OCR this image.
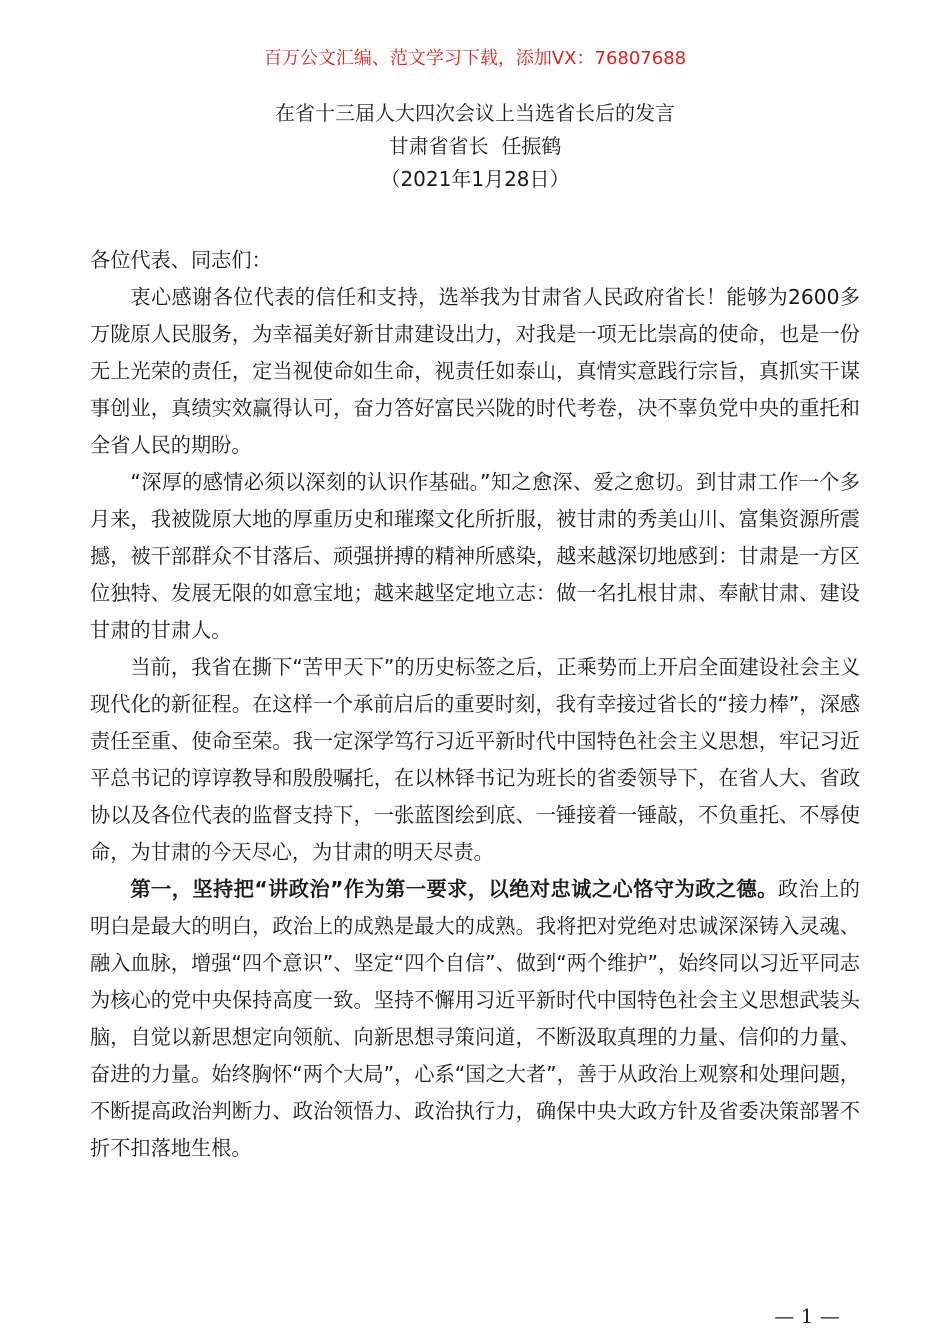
百万公文汇编、范文学习下载，添加VX：76807688
在省十三届人大四次会议上当选省长后的发言
甘肃省省长  任振鹤
（2021年1月28日）

各位代表、同志们：

衷心感谢各位代表的信任和支持，选举我为甘肃省人民政府省长！能够为2600多万陇原人民服务，为幸福美好新甘肃建设出力，对我是一项无比崇高的使命，也是一份无上光荣的责任，定当视使命如生命，视责任如泰山，真情实意践行宗旨，真抓实干谋事创业，真绩实效赢得认可，奋力答好富民兴陇的时代考卷，决不辜负党中央的重托和全省人民的期盼。

“深厚的感情必须以深刻的认识作基础。”知之愈深、爱之愈切。到甘肃工作一个多月来，我被陇原大地的厚重历史和璀璨文化所折服，被甘肃的秀美山川、富集资源所震撼，被干部群众不甘落后、顽强拼搏的精神所感染，越来越深切地感到：甘肃是一方区位独特、发展无限的如意宝地；越来越坚定地立志：做一名扎根甘肃、奉献甘肃、建设甘肃的甘肃人。

当前，我省在撕下“苦甲天下”的历史标签之后，正乘势而上开启全面建设社会主义现代化的新征程。在这样一个承前启后的重要时刻，我有幸接过省长的“接力棒”，深感责任至重、使命至荣。我一定深学笃行习近平新时代中国特色社会主义思想，牢记习近平总书记的谆谆教导和殷殷嘱托，在以林铎书记为班长的省委领导下，在省人大、省政协以及各位代表的监督支持下，一张蓝图绘到底、一锤接着一锤敲，不负重托、不辱使命，为甘肃的今天尽心，为甘肃的明天尽责。

第一，坚持把“讲政治”作为第一要求，以绝对忠诚之心恪守为政之德。政治上的明白是最大的明白，政治上的成熟是最大的成熟。我将把对党绝对忠诚深深铸入灵魂、融入血脉，增强“四个意识”、坚定“四个自信”、做到“两个维护”，始终同以习近平同志为核心的党中央保持高度一致。坚持不懈用习近平新时代中国特色社会主义思想武装头脑，自觉以新思想定向领航、向新思想寻策问道，不断汲取真理的力量、信仰的力量、奋进的力量。始终胸怀“两个大局”，心系“国之大者”，善于从政治上观察和处理问题，不断提高政治判断力、政治领悟力、政治执行力，确保中央大政方针及省委决策部署不折不扣落地生根。

— 1 —
